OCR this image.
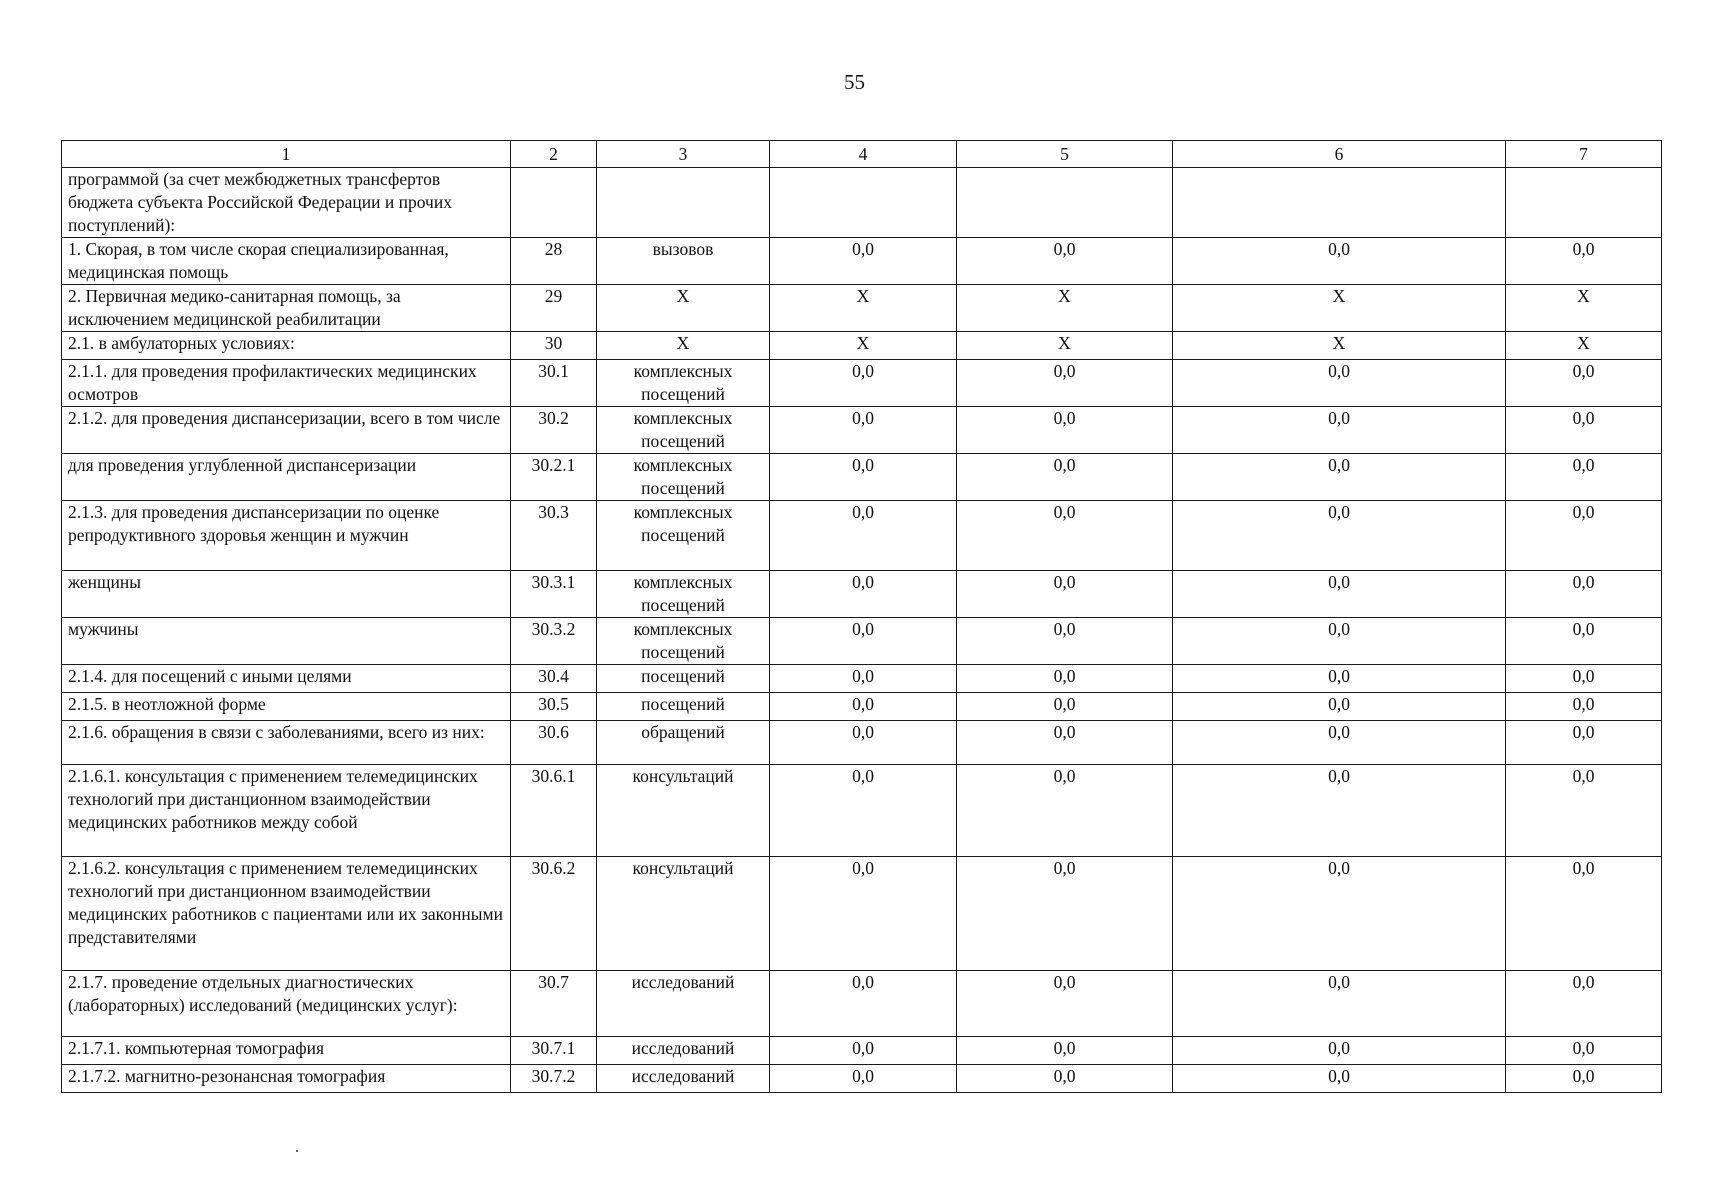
55
1	2	3	4	5	6	7
программой (за счет межбюджетных трансфертов бюджета субъекта Российской Федерации и прочих поступлений):						
1. Скорая, в том числе скорая специализированная, медицинская помощь	28	вызовов	0,0	0,0	0,0	0,0
2. Первичная медико-санитарная помощь, за исключением медицинской реабилитации	29	X	X	X	X	X
2.1. в амбулаторных условиях:	30	X	X	X	X	X
2.1.1. для проведения профилактических медицинских осмотров	30.1	комплексных посещений	0,0	0,0	0,0	0,0
2.1.2. для проведения диспансеризации, всего в том числе	30.2	комплексных посещений	0,0	0,0	0,0	0,0
для проведения углубленной диспансеризации	30.2.1	комплексных посещений	0,0	0,0	0,0	0,0
2.1.3. для проведения диспансеризации по оценке репродуктивного здоровья женщин и мужчин	30.3	комплексных посещений	0,0	0,0	0,0	0,0
женщины	30.3.1	комплексных посещений	0,0	0,0	0,0	0,0
мужчины	30.3.2	комплексных посещений	0,0	0,0	0,0	0,0
2.1.4. для посещений с иными целями	30.4	посещений	0,0	0,0	0,0	0,0
2.1.5. в неотложной форме	30.5	посещений	0,0	0,0	0,0	0,0
2.1.6. обращения в связи с заболеваниями, всего из них:	30.6	обращений	0,0	0,0	0,0	0,0
2.1.6.1. консультация с применением телемедицинских технологий при дистанционном взаимодействии медицинских работников между собой	30.6.1	консультаций	0,0	0,0	0,0	0,0
2.1.6.2. консультация с применением телемедицинских технологий при дистанционном взаимодействии медицинских работников с пациентами или их законными представителями	30.6.2	консультаций	0,0	0,0	0,0	0,0
2.1.7. проведение отдельных диагностических (лабораторных) исследований (медицинских услуг):	30.7	исследований	0,0	0,0	0,0	0,0
2.1.7.1. компьютерная томография	30.7.1	исследований	0,0	0,0	0,0	0,0
2.1.7.2. магнитно-резонансная томография	30.7.2	исследований	0,0	0,0	0,0	0,0
